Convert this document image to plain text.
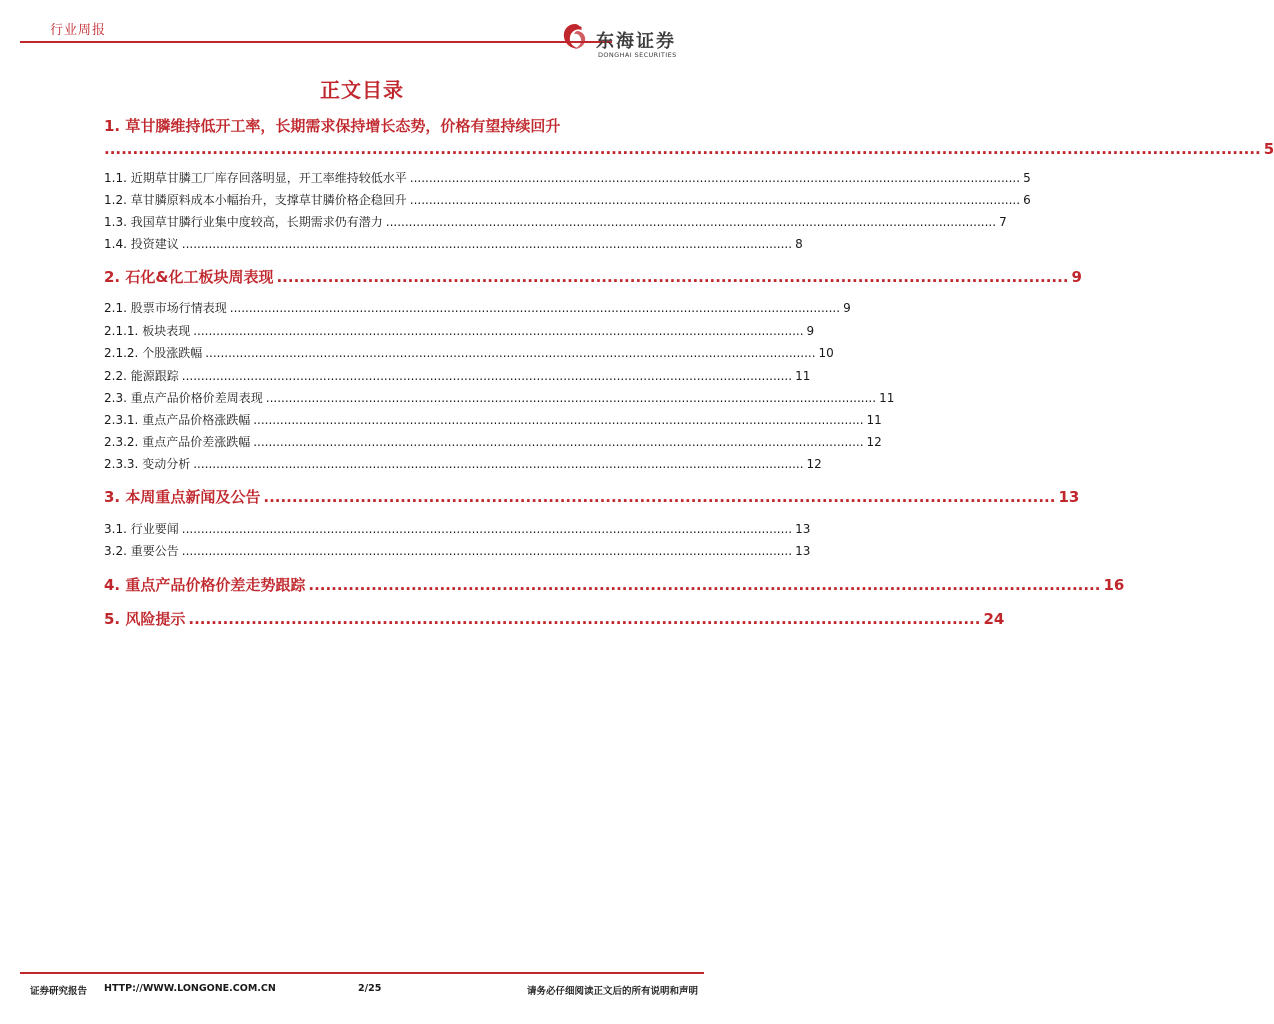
行业周报
东海证券
DONGHAI SECURITIES
正文目录
1. 草甘膦维持低开工率，长期需求保持增长态势，价格有望持续回升
........................................................................................................................................................................................................... 5
1.1.
近期草甘膦工厂库存回落明显，开工率维持较低水平 ................................................................................................................................................................ 5
1.2.
草甘膦原料成本小幅抬升，支撑草甘膦价格企稳回升 ................................................................................................................................................................ 6
1.3.
我国草甘膦行业集中度较高，长期需求仍有潜力 ................................................................................................................................................................ 7
1.4.
投资建议 ................................................................................................................................................................ 8
2.
石化&化工板块周表现 ........................................................................................................................................... 9
2.1.
股票市场行情表现 ................................................................................................................................................................ 9
2.1.1.
板块表现 ................................................................................................................................................................ 9
2.1.2.
个股涨跌幅 ................................................................................................................................................................ 10
2.2.
能源跟踪 ................................................................................................................................................................ 11
2.3.
重点产品价格价差周表现 ................................................................................................................................................................ 11
2.3.1.
重点产品价格涨跌幅 ................................................................................................................................................................ 11
2.3.2.
重点产品价差涨跌幅 ................................................................................................................................................................ 12
2.3.3.
变动分析 ................................................................................................................................................................ 12
3.
本周重点新闻及公告 ........................................................................................................................................... 13
3.1.
行业要闻 ................................................................................................................................................................ 13
3.2.
重要公告 ................................................................................................................................................................ 13
4.
重点产品价格价差走势跟踪 ........................................................................................................................................... 16
5.
风险提示 ........................................................................................................................................... 24
证券研究报告 HTTP://WWW.LONGONE.COM.CN	2/25	请务必仔细阅读正文后的所有说明和声明
